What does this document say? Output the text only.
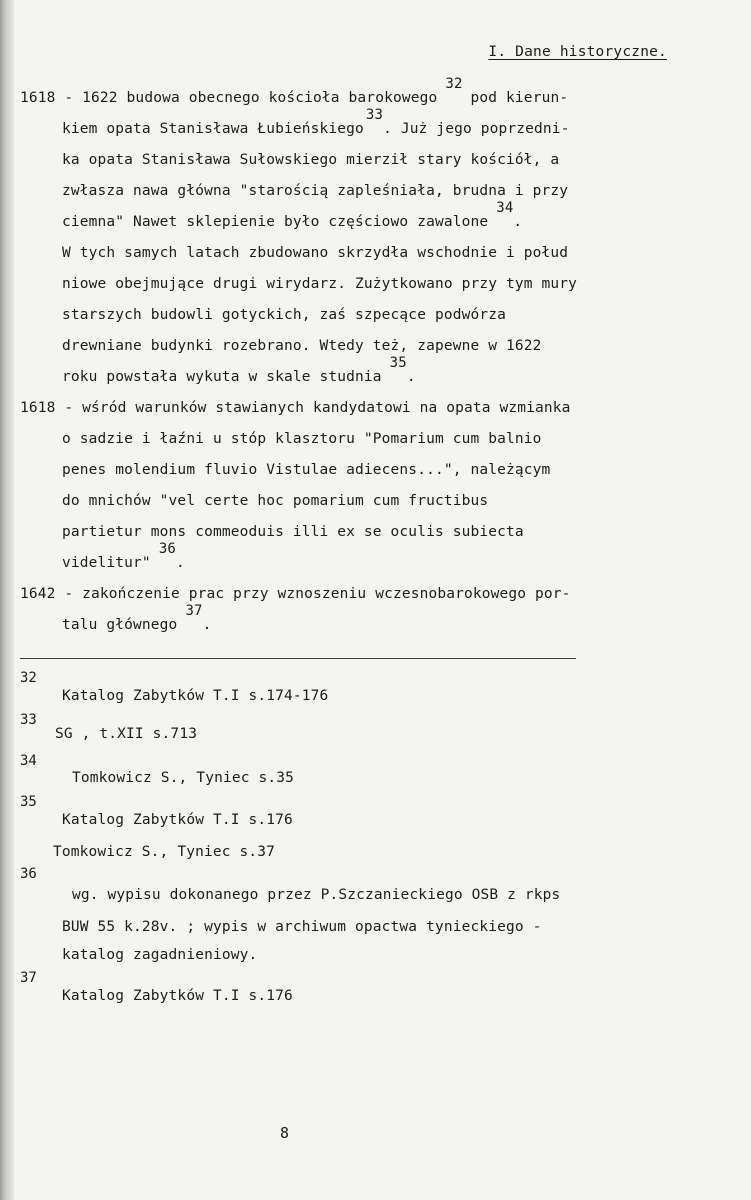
I. Dane historyczne.
1618 - 1622 budowa obecnego kościoła barokowego32pod kierun-
kiem opata Stanisława Łubieńskiego33. Już jego poprzedni-
ka opata Stanisława Sułowskiego mierził stary kościół, a
zwłasza nawa główna "starością zapleśniała, brudna i przy
ciemna" Nawet sklepienie było częściowo zawalone34.
W tych samych latach zbudowano skrzydła wschodnie i połud
niowe obejmujące drugi wirydarz. Zużytkowano przy tym mury
starszych budowli gotyckich, zaś szpecące podwórza
drewniane budynki rozebrano. Wtedy też, zapewne w 1622
roku powstała wykuta w skale studnia35.
1618 - wśród warunków stawianych kandydatowi na opata wzmianka
o sadzie i łaźni u stóp klasztoru "Pomarium cum balnio
penes molendium fluvio Vistulae adiecens...", należącym
do mnichów "vel certe hoc pomarium cum fructibus
partietur mons commeoduis illi ex se oculis subiecta
videlitur"36.
1642 - zakończenie prac przy wznoszeniu wczesnobarokowego por-
talu głównego37.
32
Katalog Zabytków T.I s.174-176
33
SG , t.XII s.713
34
Tomkowicz S., Tyniec s.35
35
Katalog Zabytków T.I s.176
Tomkowicz S., Tyniec s.37
36
wg. wypisu dokonanego przez P.Szczanieckiego OSB z rkps
BUW 55 k.28v. ; wypis w archiwum opactwa tynieckiego -
katalog zagadnieniowy.
37
Katalog Zabytków T.I s.176
8
